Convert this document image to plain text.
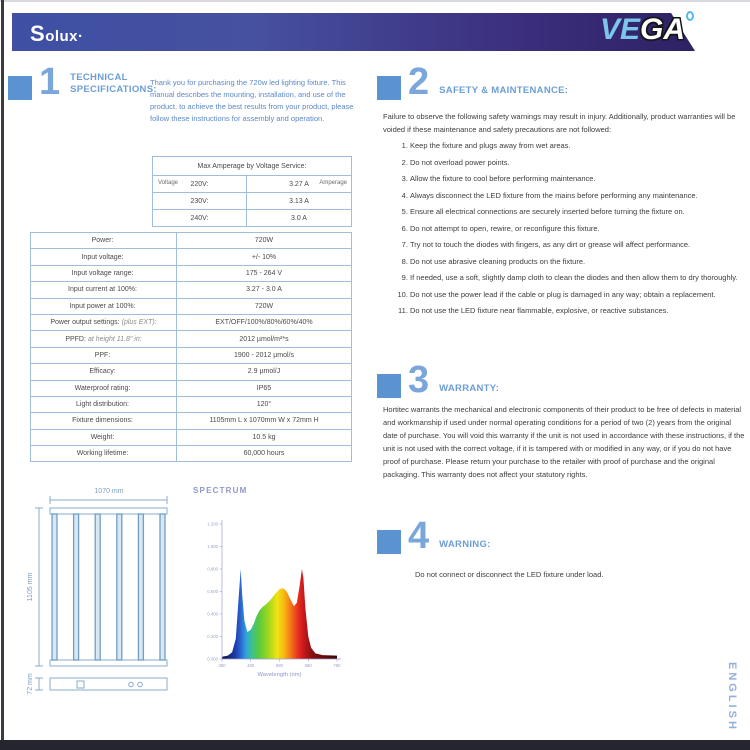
Solux·	VEGA
1 TECHNICAL SPECIFICATIONS:
Thank you for purchasing the 720w led lighting fixture. This manual describes the mounting, installation, and use of the product. to achieve the best results from your product, please follow these instructions for assembly and operation.
Max Amperage by Voltage Service:	

Voltage 220V:	3.27 A Amperage

230V:	3.13 A
240V:	3.0 A
Power:	720W
Input voltage:	+/- 10%
Input voltage range:	175 - 264 V
Input current at 100%:	3.27 - 3.0 A
Input power at 100%:	720W
Power output settings: (plus EXT):	EXT/OFF/100%/80%/60%/40%
PPFD: at height 11.8" in:	2012 µmol/m²*s
PPF:	1900 - 2012 µmol/s
Efficacy:	2.9 µmol/J
Waterproof rating:	IP65
Light distribution:	120°
Fixture dimensions:	1105mm L x 1070mm W x 72mm H
Weight:	10.5 kg
Working lifetime:	60,000 hours
1070 mm
1105 mm
72 mm
SPECTRUM
0.000
0.200
0.400
0.600
0.800
1.000
1.200
380	480	580	680	780
Wavelength (nm)
2 SAFETY & MAINTENANCE:
Failure to observe the following safety warnings may result in injury. Additionally, product warranties will be voided if these maintenance and safety precautions are not followed:
1. Keep the fixture and plugs away from wet areas.
2. Do not overload power points.
3. Allow the fixture to cool before performing maintenance.
4. Always disconnect the LED fixture from the mains before performing any maintenance.
5. Ensure all electrical connections are securely inserted before turning the fixture on.
6. Do not attempt to open, rewire, or reconfigure this fixture.
7. Try not to touch the diodes with fingers, as any dirt or grease will affect performance.
8. Do not use abrasive cleaning products on the fixture.
9. If needed, use a soft, slightly damp cloth to clean the diodes and then allow them to dry thoroughly.
10. Do not use the power lead if the cable or plug is damaged in any way; obtain a replacement.
11. Do not use the LED fixture near flammable, explosive, or reactive substances.
3 WARRANTY:
Hortitec warrants the mechanical and electronic components of their product to be free of defects in material and workmanship if used under normal operating conditions for a period of two (2) years from the original date of purchase. You will void this warranty if the unit is not used in accordance with these instructions, if the unit is not used with the correct voltage, if it is tampered with or modified in any way, or if you do not have proof of purchase. Please return your purchase to the retailer with proof of purchase and the original packaging. This warranty does not affect your statutory rights.
4 WARNING:
Do not connect or disconnect the LED fixture under load.
ENGLISH
